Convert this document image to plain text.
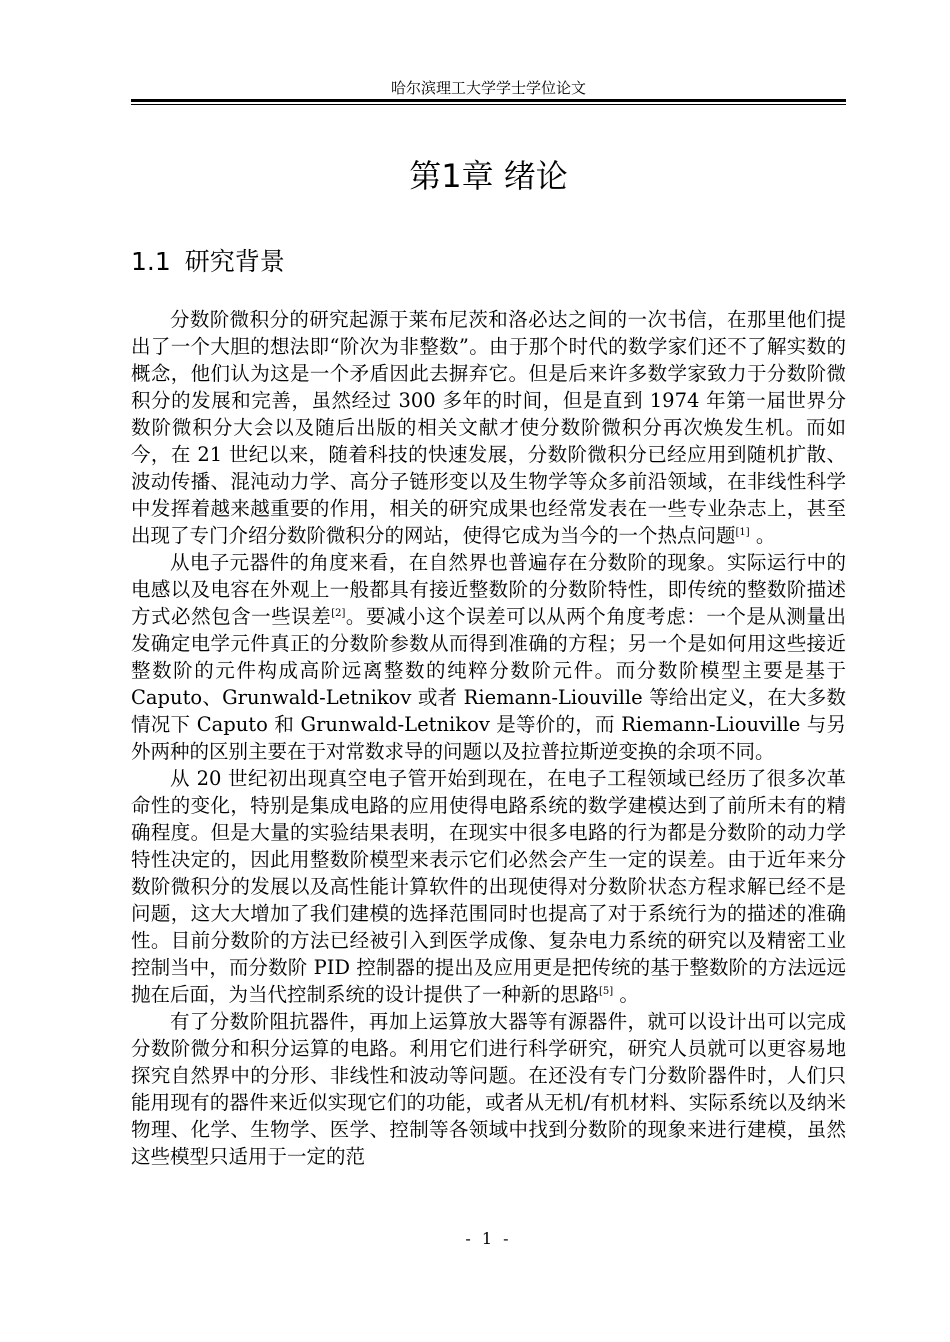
哈尔滨理工大学学士学位论文
第1章 绪论
1.1 研究背景

分数阶微积分的研究起源于莱布尼茨和洛必达之间的一次书信，在那里他们提出了一个大胆的想法即“阶次为非整数”。由于那个时代的数学家们还不了解实数的概念，他们认为这是一个矛盾因此去摒弃它。但是后来许多数学家致力于分数阶微积分的发展和完善，虽然经过 300 多年的时间，但是直到 1974 年第一届世界分数阶微积分大会以及随后出版的相关文献才使分数阶微积分再次焕发生机。而如今，在 21 世纪以来，随着科技的快速发展，分数阶微积分已经应用到随机扩散、波动传播、混沌动力学、高分子链形变以及生物学等众多前沿领域，在非线性科学中发挥着越来越重要的作用，相关的研究成果也经常发表在一些专业杂志上，甚至出现了专门介绍分数阶微积分的网站，使得它成为当今的一个热点问题[1] 。

从电子元器件的角度来看，在自然界也普遍存在分数阶的现象。实际运行中的电感以及电容在外观上一般都具有接近整数阶的分数阶特性，即传统的整数阶描述方式必然包含一些误差[2]。要减小这个误差可以从两个角度考虑：一个是从测量出发确定电学元件真正的分数阶参数从而得到准确的方程；另一个是如何用这些接近整数阶的元件构成高阶远离整数的纯粹分数阶元件。而分数阶模型主要是基于 Caputo、Grunwald-Letnikov 或者 Riemann-Liouville 等给出定义，在大多数情况下 Caputo 和 Grunwald-Letnikov 是等价的，而 Riemann-Liouville 与另外两种的区别主要在于对常数求导的问题以及拉普拉斯逆变换的余项不同。

从 20 世纪初出现真空电子管开始到现在，在电子工程领域已经历了很多次革命性的变化，特别是集成电路的应用使得电路系统的数学建模达到了前所未有的精确程度。但是大量的实验结果表明，在现实中很多电路的行为都是分数阶的动力学特性决定的，因此用整数阶模型来表示它们必然会产生一定的误差。由于近年来分数阶微积分的发展以及高性能计算软件的出现使得对分数阶状态方程求解已经不是问题，这大大增加了我们建模的选择范围同时也提高了对于系统行为的描述的准确性。目前分数阶的方法已经被引入到医学成像、复杂电力系统的研究以及精密工业控制当中，而分数阶 PID 控制器的提出及应用更是把传统的基于整数阶的方法远远抛在后面，为当代控制系统的设计提供了一种新的思路[5] 。

有了分数阶阻抗器件，再加上运算放大器等有源器件，就可以设计出可以完成分数阶微分和积分运算的电路。利用它们进行科学研究，研究人员就可以更容易地探究自然界中的分形、非线性和波动等问题。在还没有专门分数阶器件时，人们只能用现有的器件来近似实现它们的功能，或者从无机/有机材料、实际系统以及纳米物理、化学、生物学、医学、控制等各领域中找到分数阶的现象来进行建模，虽然这些模型只适用于一定的范

- 1 -
